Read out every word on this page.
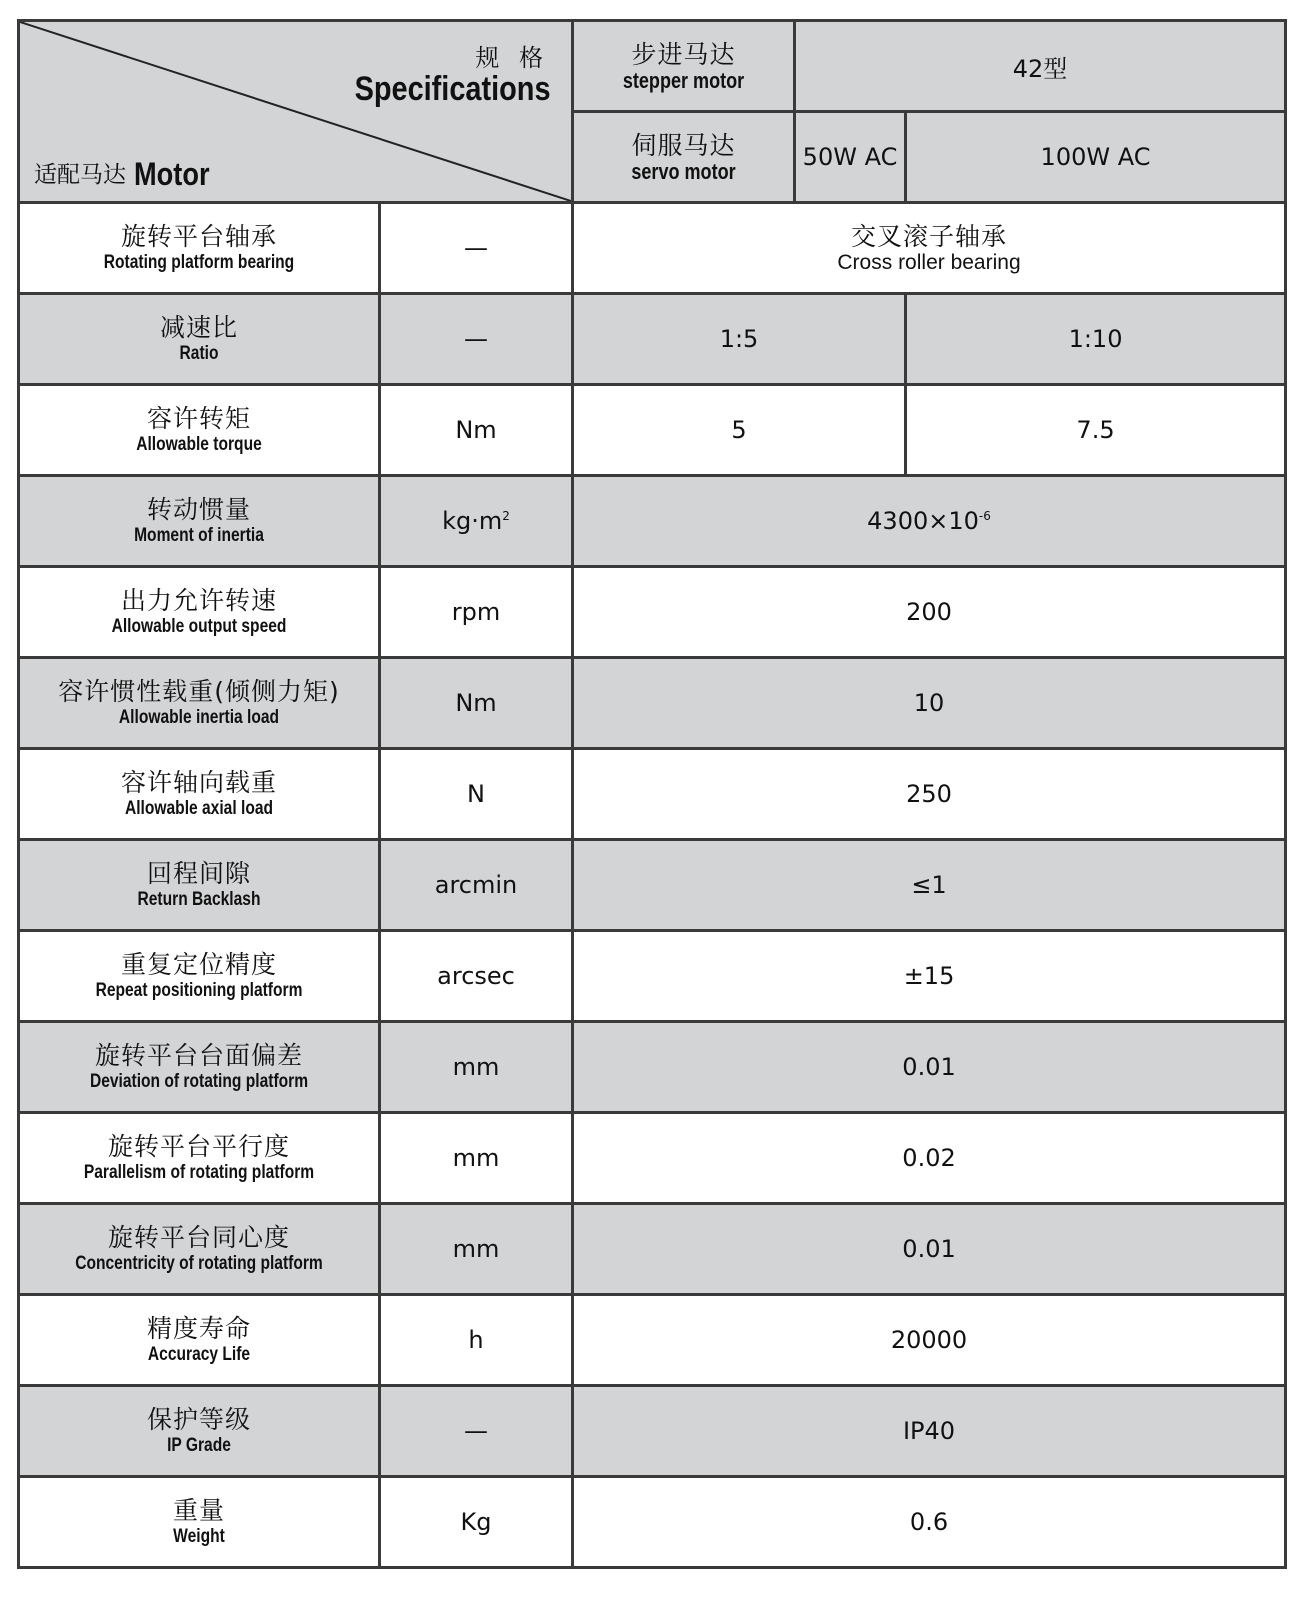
规 格
Specifications
适配马达 Motor		步进马达
stepper motor	42型	

		伺服马达
servo motor	50W AC	100W AC

旋转平台轴承
Rotating platform bearing	—	交叉滚子轴承
Cross roller bearing		

减速比
Ratio	—	1:5		1:10

容许转矩
Allowable torque	Nm	5		7.5

转动惯量
Moment of inertia	$kg\cdot m^2$	$4300\times 10^{-6}$

出力允许转速
Allowable output speed	rpm	200		

容许惯性载重(倾侧力矩)
Allowable inertia load	Nm	10		

容许轴向载重
Allowable axial load	N	250		

回程间隙
Return Backlash	arcmin	≤1		

重复定位精度
Repeat positioning platform	arcsec	±15		

旋转平台台面偏差
Deviation of rotating platform	mm	0.01		

旋转平台平行度
Parallelism of rotating platform	mm	0.02		

旋转平台同心度
Concentricity of rotating platform	mm	0.01		

精度寿命
Accuracy Life	h	20000		

保护等级
IP Grade	—	IP40		

重量
Weight	Kg	0.6		
